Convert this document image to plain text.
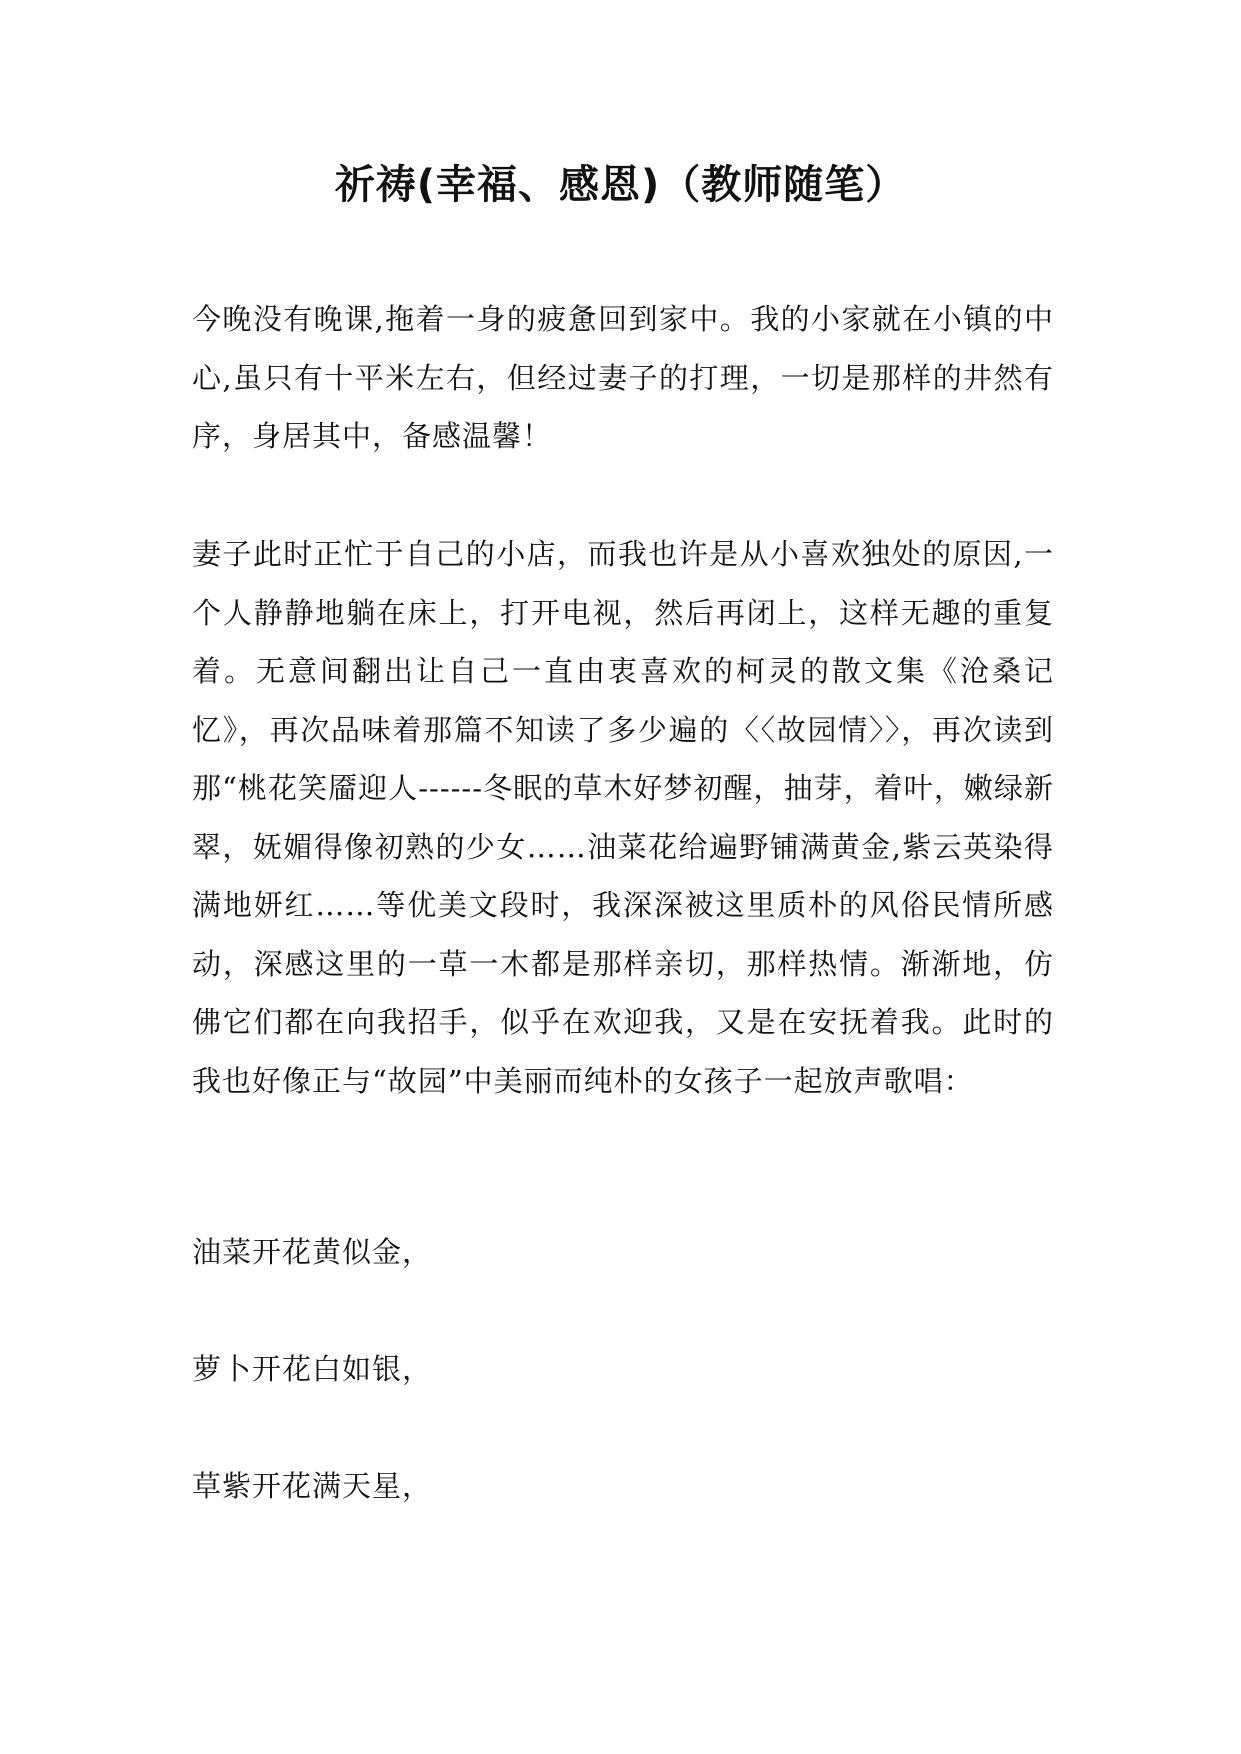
祈祷(幸福、感恩)（教师随笔）

今晚没有晚课,拖着一身的疲惫回到家中。我的小家就在小镇的中心,虽只有十平米左右，但经过妻子的打理，一切是那样的井然有序，身居其中，备感温馨！

妻子此时正忙于自己的小店，而我也许是从小喜欢独处的原因,一个人静静地躺在床上，打开电视，然后再闭上，这样无趣的重复着。无意间翻出让自己一直由衷喜欢的柯灵的散文集《沧桑记忆》，再次品味着那篇不知读了多少遍的〈〈故园情〉〉，再次读到那“桃花笑靥迎人------冬眠的草木好梦初醒，抽芽，着叶，嫩绿新翠，妩媚得像初熟的少女……油菜花给遍野铺满黄金,紫云英染得满地妍红……等优美文段时，我深深被这里质朴的风俗民情所感动，深感这里的一草一木都是那样亲切，那样热情。渐渐地，仿佛它们都在向我招手，似乎在欢迎我，又是在安抚着我。此时的我也好像正与“故园”中美丽而纯朴的女孩子一起放声歌唱：

油菜开花黄似金，

萝卜开花白如银，

草紫开花满天星，
